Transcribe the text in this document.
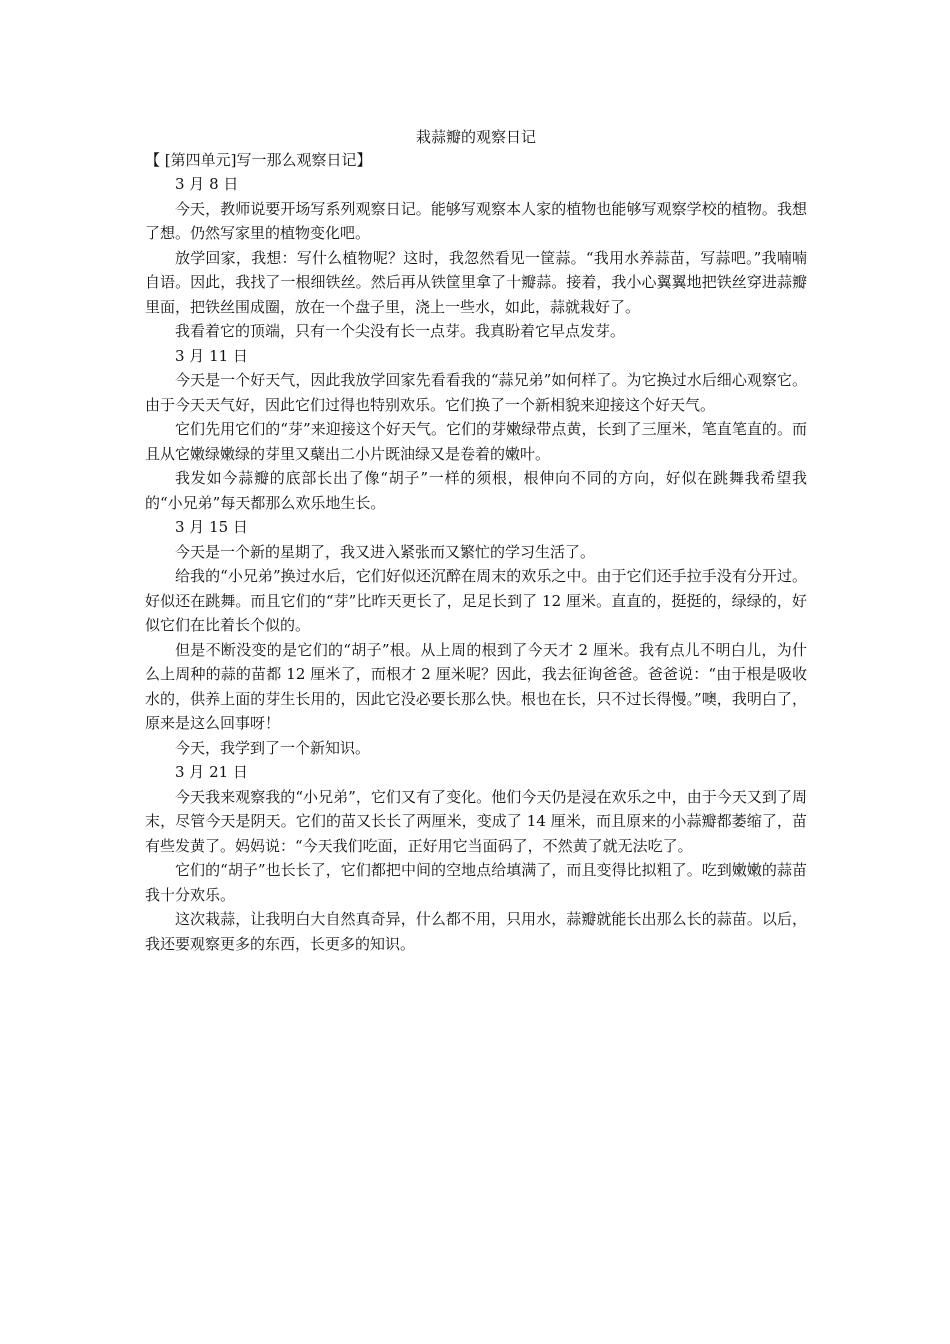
栽蒜瓣的观察日记

【 [第四单元]写一那么观察日记】

3 月 8 日

今天，教师说要开场写系列观察日记。能够写观察本人家的植物也能够写观察学校的植物。我想了想。仍然写家里的植物变化吧。

放学回家，我想：写什么植物呢？这时，我忽然看见一筐蒜。“我用水养蒜苗，写蒜吧。”我喃喃自语。因此，我找了一根细铁丝。然后再从铁筐里拿了十瓣蒜。接着，我小心翼翼地把铁丝穿进蒜瓣里面，把铁丝围成圈，放在一个盘子里，浇上一些水，如此，蒜就栽好了。

我看着它的顶端，只有一个尖没有长一点芽。我真盼着它早点发芽。

3 月 11 日

今天是一个好天气，因此我放学回家先看看我的“蒜兄弟”如何样了。为它换过水后细心观察它。由于今天天气好，因此它们过得也特别欢乐。它们换了一个新相貌来迎接这个好天气。

它们先用它们的“芽”来迎接这个好天气。它们的芽嫩绿带点黄，长到了三厘米，笔直笔直的。而且从它嫩绿嫩绿的芽里又蘖出二小片既油绿又是卷着的嫩叶。

我发如今蒜瓣的底部长出了像“胡子”一样的须根，根伸向不同的方向，好似在跳舞我希望我的“小兄弟”每天都那么欢乐地生长。

3 月 15 日

今天是一个新的星期了，我又进入紧张而又繁忙的学习生活了。

给我的“小兄弟”换过水后，它们好似还沉醉在周末的欢乐之中。由于它们还手拉手没有分开过。好似还在跳舞。而且它们的“芽”比昨天更长了，足足长到了 12 厘米。直直的，挺挺的，绿绿的，好似它们在比着长个似的。

但是不断没变的是它们的“胡子”根。从上周的根到了今天才 2 厘米。我有点儿不明白儿，为什么上周种的蒜的苗都 12 厘米了，而根才 2 厘米呢？因此，我去征询爸爸。爸爸说：“由于根是吸收水的，供养上面的芽生长用的，因此它没必要长那么快。根也在长，只不过长得慢。”噢，我明白了，原来是这么回事呀！

今天，我学到了一个新知识。

3 月 21 日

今天我来观察我的“小兄弟”，它们又有了变化。他们今天仍是浸在欢乐之中，由于今天又到了周末，尽管今天是阴天。它们的苗又长长了两厘米，变成了 14 厘米，而且原来的小蒜瓣都萎缩了，苗有些发黄了。妈妈说：“今天我们吃面，正好用它当面码了，不然黄了就无法吃了。

它们的“胡子”也长长了，它们都把中间的空地点给填满了，而且变得比拟粗了。吃到嫩嫩的蒜苗我十分欢乐。

这次栽蒜，让我明白大自然真奇异，什么都不用，只用水，蒜瓣就能长出那么长的蒜苗。以后，我还要观察更多的东西，长更多的知识。
